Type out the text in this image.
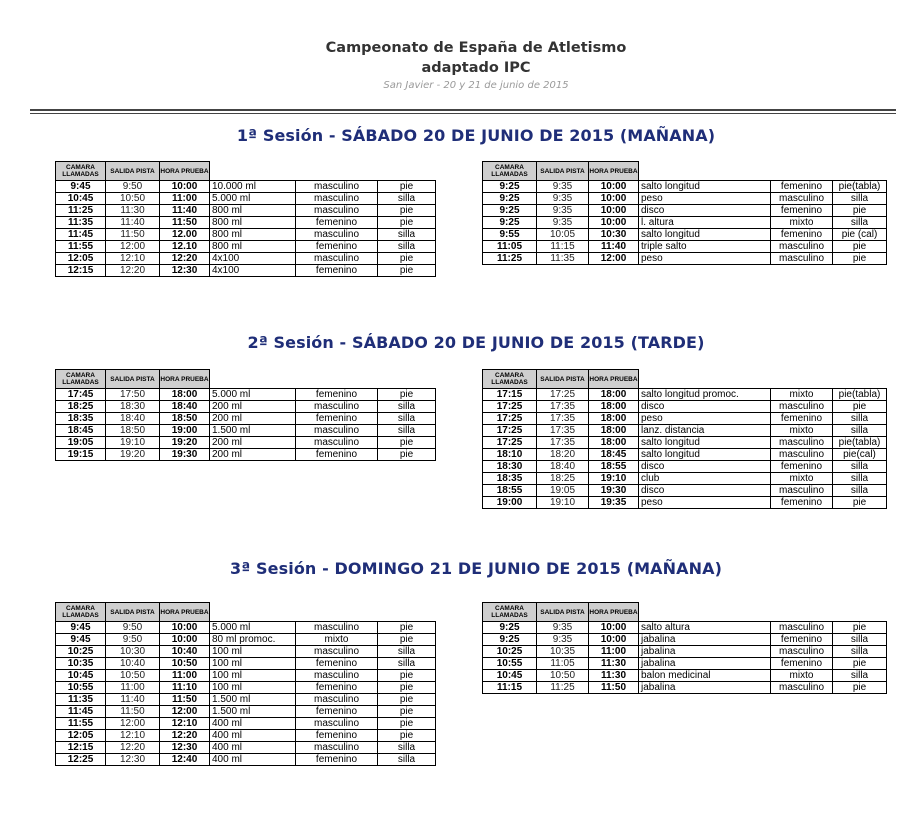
Campeonato de España de Atletismo
adaptado IPC
San Javier - 20 y 21 de junio de 2015
1ª Sesión - SÁBADO 20 DE JUNIO DE 2015 (MAÑANA)
2ª Sesión - SÁBADO 20 DE JUNIO DE 2015 (TARDE)
3ª Sesión - DOMINGO 21 DE JUNIO DE 2015 (MAÑANA)
CAMARA LLAMADAS	SALIDA PISTA	HORA PRUEBA			
9:45	9:50	10:00	10.000 ml	masculino	pie
10:45	10:50	11:00	5.000 ml	masculino	silla
11:25	11:30	11:40	800 ml	masculino	pie
11:35	11:40	11:50	800 ml	femenino	pie
11:45	11:50	12.00	800 ml	masculino	silla
11:55	12:00	12.10	800 ml	femenino	silla
12:05	12:10	12:20	4x100	masculino	pie
12:15	12:20	12:30	4x100	femenino	pie
CAMARA LLAMADAS	SALIDA PISTA	HORA PRUEBA			
9:25	9:35	10:00	salto longitud	femenino	pie(tabla)
9:25	9:35	10:00	peso	masculino	silla
9:25	9:35	10:00	disco	femenino	pie
9:25	9:35	10:00	l. altura	mixto	silla
9:55	10:05	10:30	salto longitud	femenino	pie (cal)
11:05	11:15	11:40	triple salto	masculino	pie
11:25	11:35	12:00	peso	masculino	pie
CAMARA LLAMADAS	SALIDA PISTA	HORA PRUEBA			
17:45	17:50	18:00	5.000 ml	femenino	pie
18:25	18:30	18:40	200 ml	masculino	silla
18:35	18:40	18:50	200 ml	femenino	silla
18:45	18:50	19:00	1.500 ml	masculino	silla
19:05	19:10	19:20	200 ml	masculino	pie
19:15	19:20	19:30	200 ml	femenino	pie
CAMARA LLAMADAS	SALIDA PISTA	HORA PRUEBA			
17:15	17:25	18:00	salto longitud promoc.	mixto	pie(tabla)
17:25	17:35	18:00	disco	masculino	pie
17:25	17:35	18:00	peso	femenino	silla
17:25	17:35	18:00	lanz. distancia	mixto	silla
17:25	17:35	18:00	salto longitud	masculino	pie(tabla)
18:10	18:20	18:45	salto longitud	masculino	pie(cal)
18:30	18:40	18:55	disco	femenino	silla
18:35	18:25	19:10	club	mixto	silla
18:55	19:05	19:30	disco	masculino	silla
19:00	19:10	19:35	peso	femenino	pie
CAMARA LLAMADAS	SALIDA PISTA	HORA PRUEBA			
9:45	9:50	10:00	5.000 ml	masculino	pie
9:45	9:50	10:00	80 ml promoc.	mixto	pie
10:25	10:30	10:40	100 ml	masculino	silla
10:35	10:40	10:50	100 ml	femenino	silla
10:45	10:50	11:00	100 ml	masculino	pie
10:55	11:00	11:10	100 ml	femenino	pie
11:35	11:40	11:50	1.500 ml	masculino	pie
11:45	11:50	12:00	1.500 ml	femenino	pie
11:55	12:00	12:10	400 ml	masculino	pie
12:05	12:10	12:20	400 ml	femenino	pie
12:15	12:20	12:30	400 ml	masculino	silla
12:25	12:30	12:40	400 ml	femenino	silla
CAMARA LLAMADAS	SALIDA PISTA	HORA PRUEBA			
9:25	9:35	10:00	salto altura	masculino	pie
9:25	9:35	10:00	jabalina	femenino	silla
10:25	10:35	11:00	jabalina	masculino	silla
10:55	11:05	11:30	jabalina	femenino	pie
10:45	10:50	11:30	balon medicinal	mixto	silla
11:15	11:25	11:50	jabalina	masculino	pie
